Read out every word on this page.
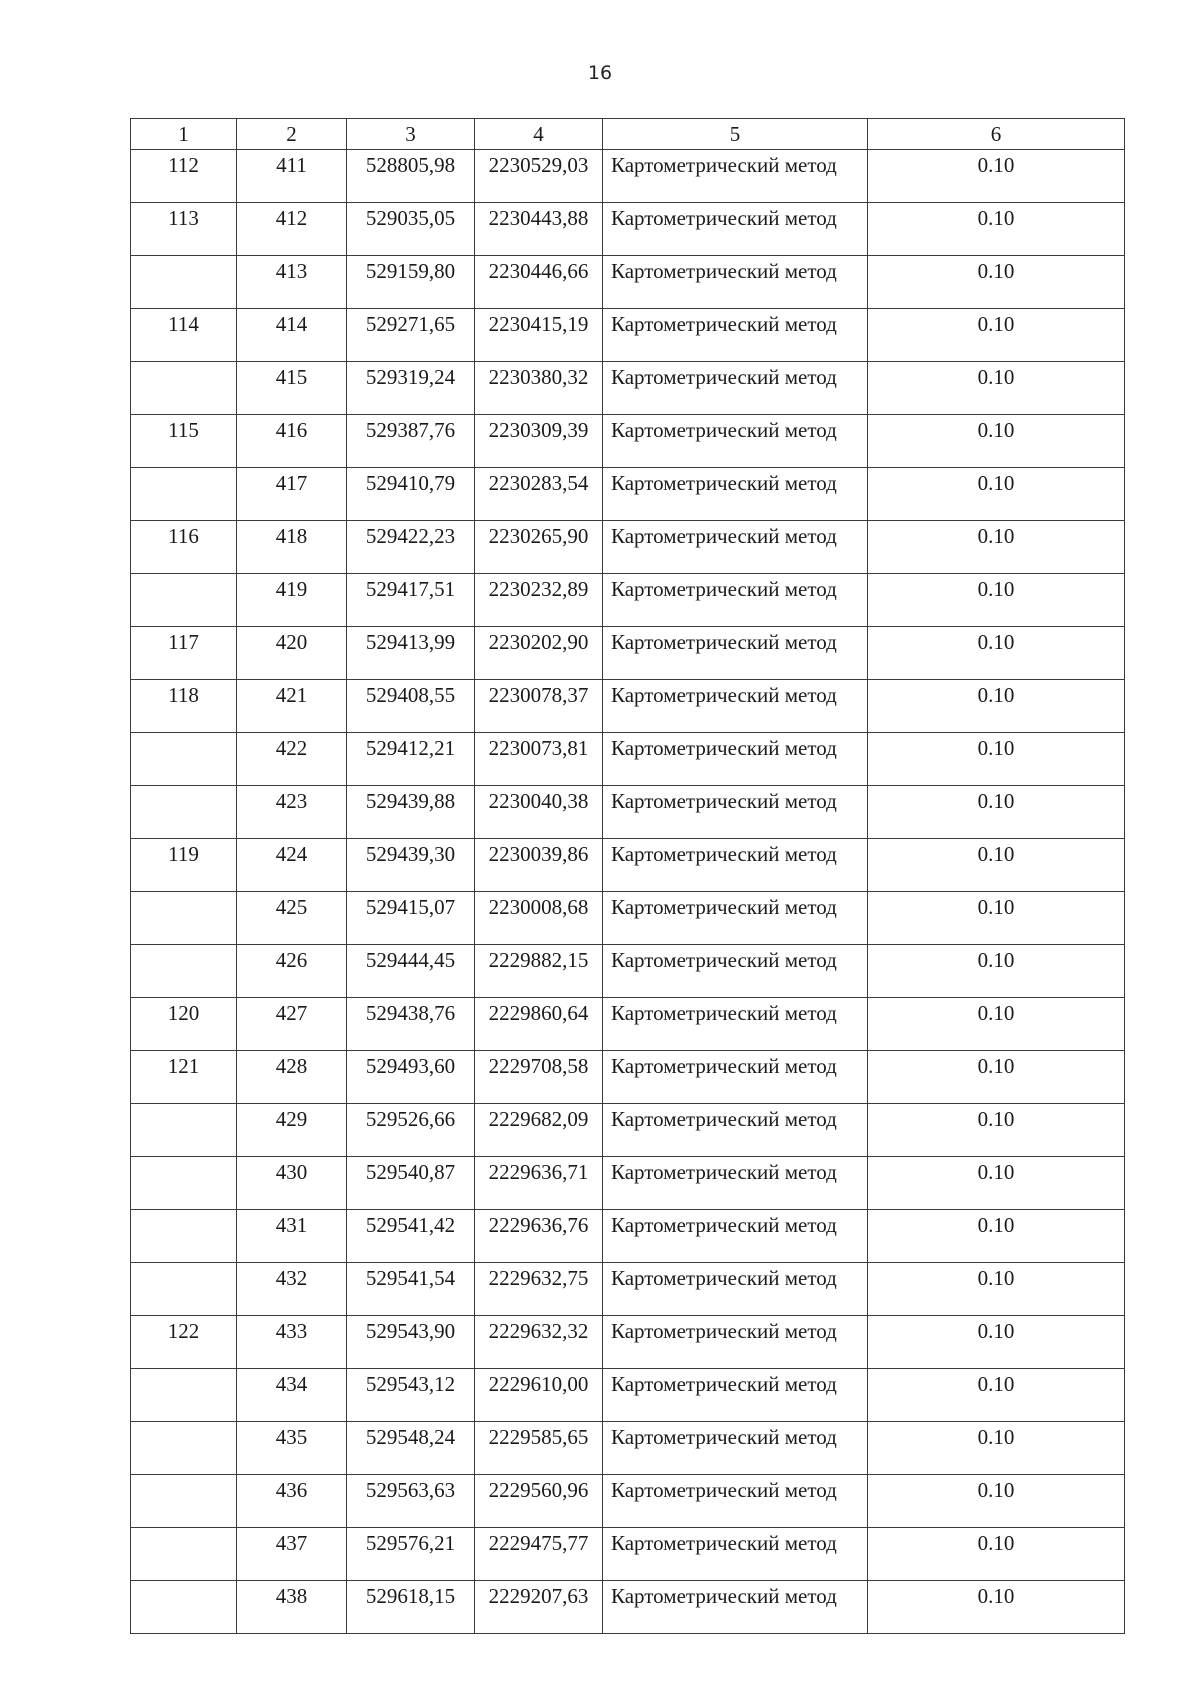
16
1	2	3	4	5	6
112	411	528805,98	2230529,03	Картометрический метод	0.10
113	412	529035,05	2230443,88	Картометрический метод	0.10
	413	529159,80	2230446,66	Картометрический метод	0.10
114	414	529271,65	2230415,19	Картометрический метод	0.10
	415	529319,24	2230380,32	Картометрический метод	0.10
115	416	529387,76	2230309,39	Картометрический метод	0.10
	417	529410,79	2230283,54	Картометрический метод	0.10
116	418	529422,23	2230265,90	Картометрический метод	0.10
	419	529417,51	2230232,89	Картометрический метод	0.10
117	420	529413,99	2230202,90	Картометрический метод	0.10
118	421	529408,55	2230078,37	Картометрический метод	0.10
	422	529412,21	2230073,81	Картометрический метод	0.10
	423	529439,88	2230040,38	Картометрический метод	0.10
119	424	529439,30	2230039,86	Картометрический метод	0.10
	425	529415,07	2230008,68	Картометрический метод	0.10
	426	529444,45	2229882,15	Картометрический метод	0.10
120	427	529438,76	2229860,64	Картометрический метод	0.10
121	428	529493,60	2229708,58	Картометрический метод	0.10
	429	529526,66	2229682,09	Картометрический метод	0.10
	430	529540,87	2229636,71	Картометрический метод	0.10
	431	529541,42	2229636,76	Картометрический метод	0.10
	432	529541,54	2229632,75	Картометрический метод	0.10
122	433	529543,90	2229632,32	Картометрический метод	0.10
	434	529543,12	2229610,00	Картометрический метод	0.10
	435	529548,24	2229585,65	Картометрический метод	0.10
	436	529563,63	2229560,96	Картометрический метод	0.10
	437	529576,21	2229475,77	Картометрический метод	0.10
	438	529618,15	2229207,63	Картометрический метод	0.10
